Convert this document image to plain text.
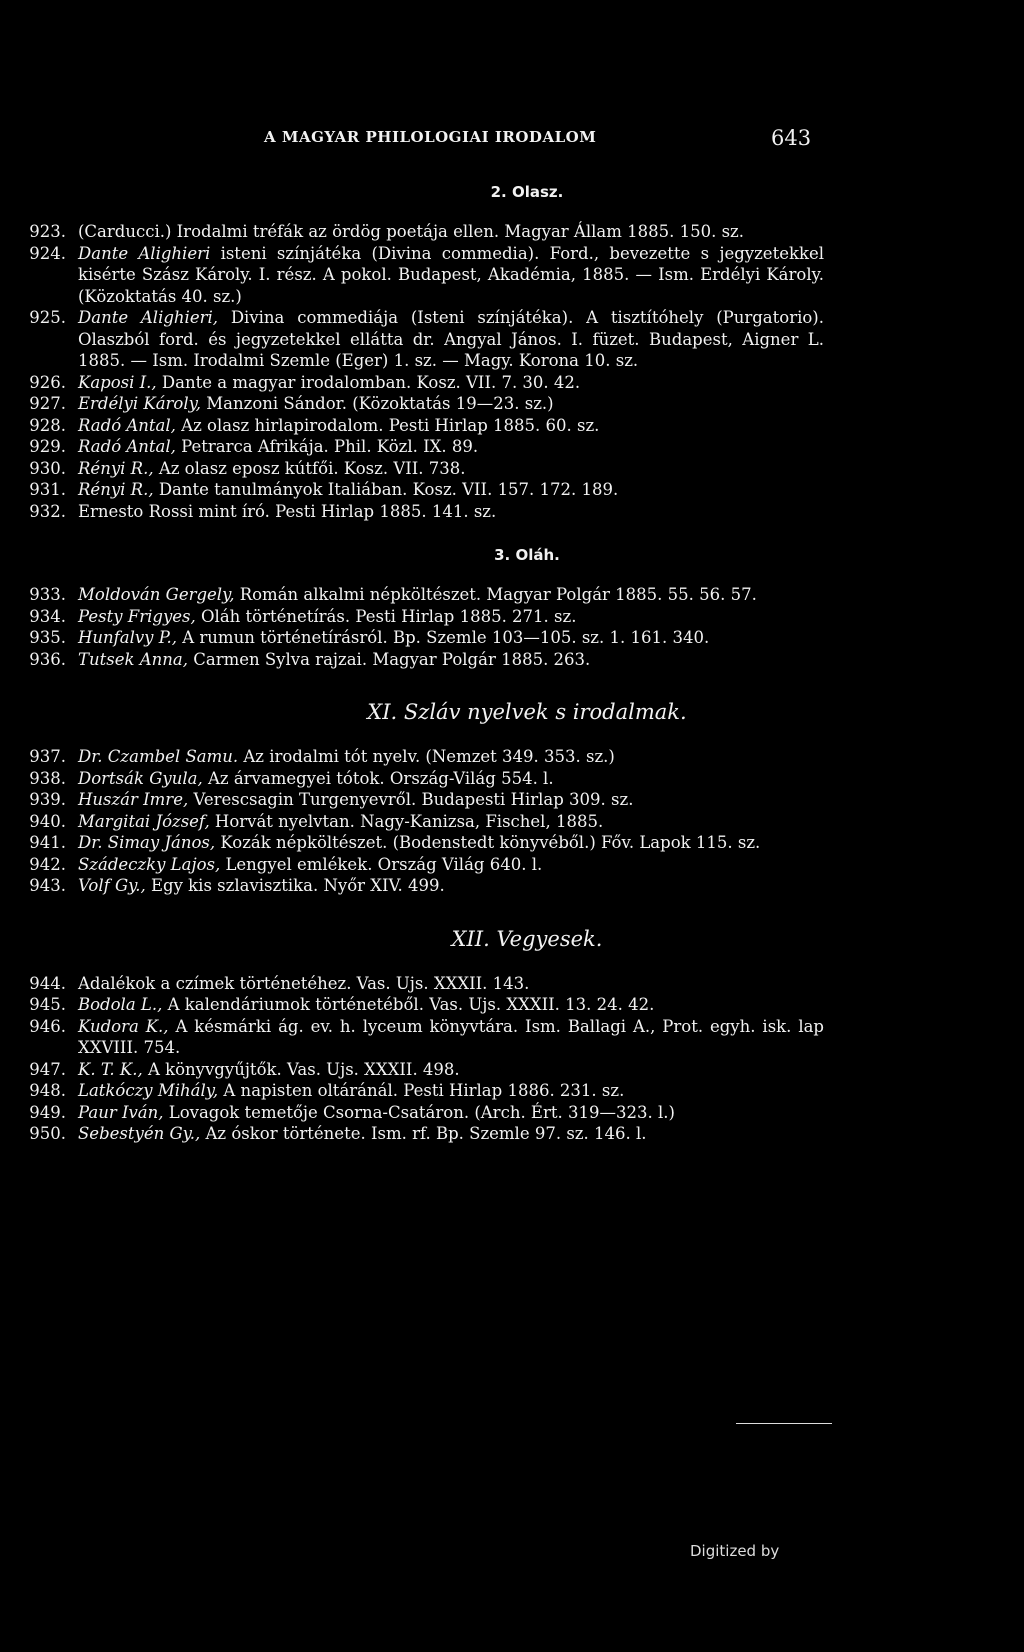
A MAGYAR PHILOLOGIAI IRODALOM	643
2. Olasz.
923. (Carducci.) Irodalmi tréfák az ördög poetája ellen. Magyar Állam 1885. 150. sz.
924. Dante Alighieri isteni színjátéka (Divina commedia). Ford., bevezette s jegyzetekkel kisérte Szász Károly. I. rész. A pokol. Budapest, Akadémia, 1885. — Ism. Erdélyi Károly. (Közoktatás 40. sz.)
925. Dante Alighieri, Divina commediája (Isteni színjátéka). A tisztítóhely (Purgatorio). Olaszból ford. és jegyzetekkel ellátta dr. Angyal János. I. füzet. Budapest, Aigner L. 1885. — Ism. Irodalmi Szemle (Eger) 1. sz. — Magy. Korona 10. sz.
926. Kaposi I., Dante a magyar irodalomban. Kosz. VII. 7. 30. 42.
927. Erdélyi Károly, Manzoni Sándor. (Közoktatás 19—23. sz.)
928. Radó Antal, Az olasz hirlapirodalom. Pesti Hirlap 1885. 60. sz.
929. Radó Antal, Petrarca Afrikája. Phil. Közl. IX. 89.
930. Rényi R., Az olasz eposz kútfői. Kosz. VII. 738.
931. Rényi R., Dante tanulmányok Italiában. Kosz. VII. 157. 172. 189.
932. Ernesto Rossi mint író. Pesti Hirlap 1885. 141. sz.
3. Oláh.
933. Moldován Gergely, Román alkalmi népköltészet. Magyar Polgár 1885. 55. 56. 57.
934. Pesty Frigyes, Oláh történetírás. Pesti Hirlap 1885. 271. sz.
935. Hunfalvy P., A rumun történetírásról. Bp. Szemle 103—105. sz. 1. 161. 340.
936. Tutsek Anna, Carmen Sylva rajzai. Magyar Polgár 1885. 263.
XI. Szláv nyelvek s irodalmak.
937. Dr. Czambel Samu. Az irodalmi tót nyelv. (Nemzet 349. 353. sz.)
938. Dortsák Gyula, Az árvamegyei tótok. Ország-Világ 554. l.
939. Huszár Imre, Verescsagin Turgenyevről. Budapesti Hirlap 309. sz.
940. Margitai József, Horvát nyelvtan. Nagy-Kanizsa, Fischel, 1885.
941. Dr. Simay János, Kozák népköltészet. (Bodenstedt könyvéből.) Főv. Lapok 115. sz.
942. Szádeczky Lajos, Lengyel emlékek. Ország Világ 640. l.
943. Volf Gy., Egy kis szlavisztika. Nyőr XIV. 499.
XII. Vegyesek.
944. Adalékok a czímek történetéhez. Vas. Ujs. XXXII. 143.
945. Bodola L., A kalendáriumok történetéből. Vas. Ujs. XXXII. 13. 24. 42.
946. Kudora K., A késmárki ág. ev. h. lyceum könyvtára. Ism. Ballagi A., Prot. egyh. isk. lap XXVIII. 754.
947. K. T. K., A könyvgyűjtők. Vas. Ujs. XXXII. 498.
948. Latkóczy Mihály, A napisten oltáránál. Pesti Hirlap 1886. 231. sz.
949. Paur Iván, Lovagok temetője Csorna-Csatáron. (Arch. Ért. 319—323. l.)
950. Sebestyén Gy., Az óskor története. Ism. rf. Bp. Szemle 97. sz. 146. l.
Digitized by
